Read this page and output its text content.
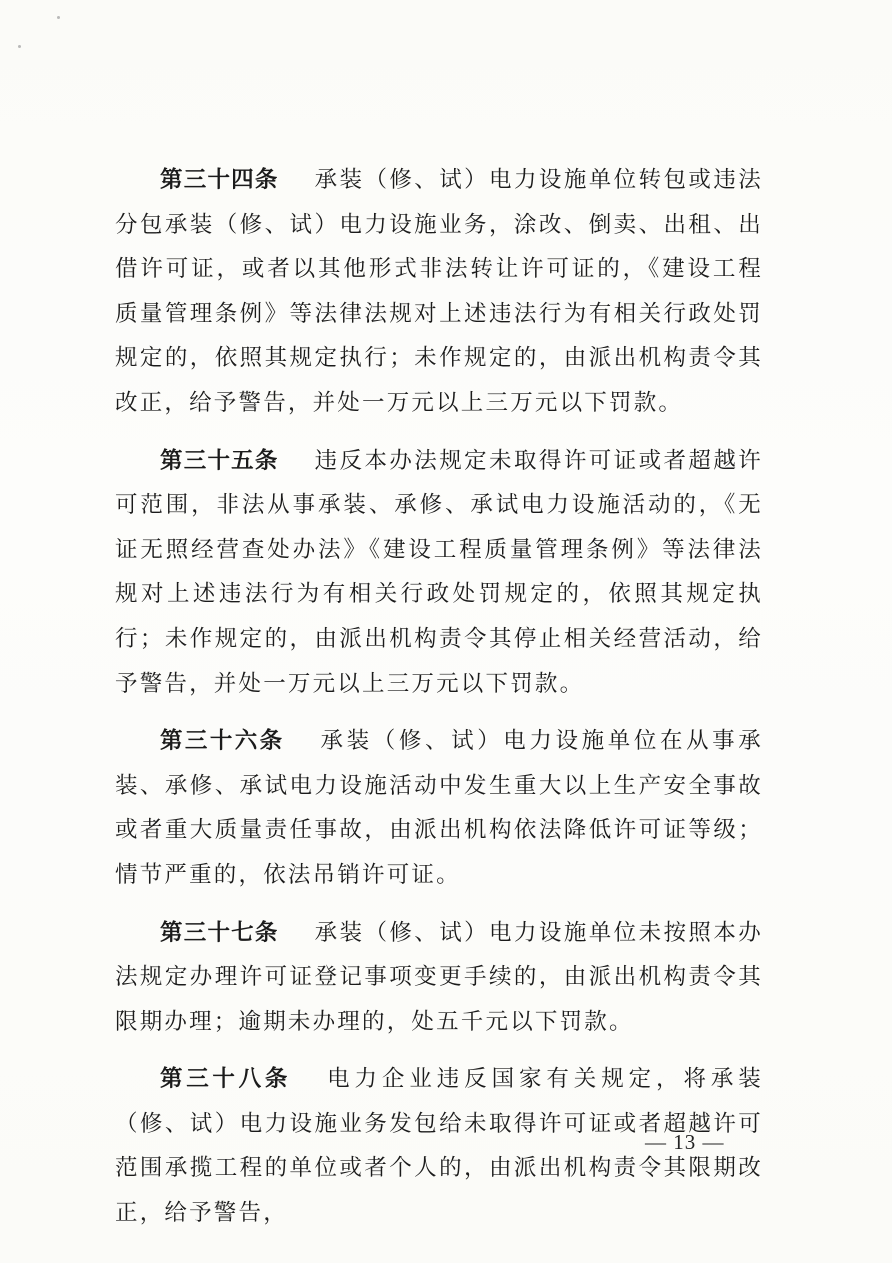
第三十四条 承装（修、试）电力设施单位转包或违法分包承装（修、试）电力设施业务，涂改、倒卖、出租、出借许可证，或者以其他形式非法转让许可证的，《建设工程质量管理条例》等法律法规对上述违法行为有相关行政处罚规定的，依照其规定执行；未作规定的，由派出机构责令其改正，给予警告，并处一万元以上三万元以下罚款。

第三十五条 违反本办法规定未取得许可证或者超越许可范围，非法从事承装、承修、承试电力设施活动的，《无证无照经营查处办法》《建设工程质量管理条例》等法律法规对上述违法行为有相关行政处罚规定的，依照其规定执行；未作规定的，由派出机构责令其停止相关经营活动，给予警告，并处一万元以上三万元以下罚款。

第三十六条 承装（修、试）电力设施单位在从事承装、承修、承试电力设施活动中发生重大以上生产安全事故或者重大质量责任事故，由派出机构依法降低许可证等级；情节严重的，依法吊销许可证。

第三十七条 承装（修、试）电力设施单位未按照本办法规定办理许可证登记事项变更手续的，由派出机构责令其限期办理；逾期未办理的，处五千元以下罚款。

第三十八条 电力企业违反国家有关规定，将承装（修、试）电力设施业务发包给未取得许可证或者超越许可范围承揽工程的单位或者个人的，由派出机构责令其限期改正，给予警告，

— 13 —
